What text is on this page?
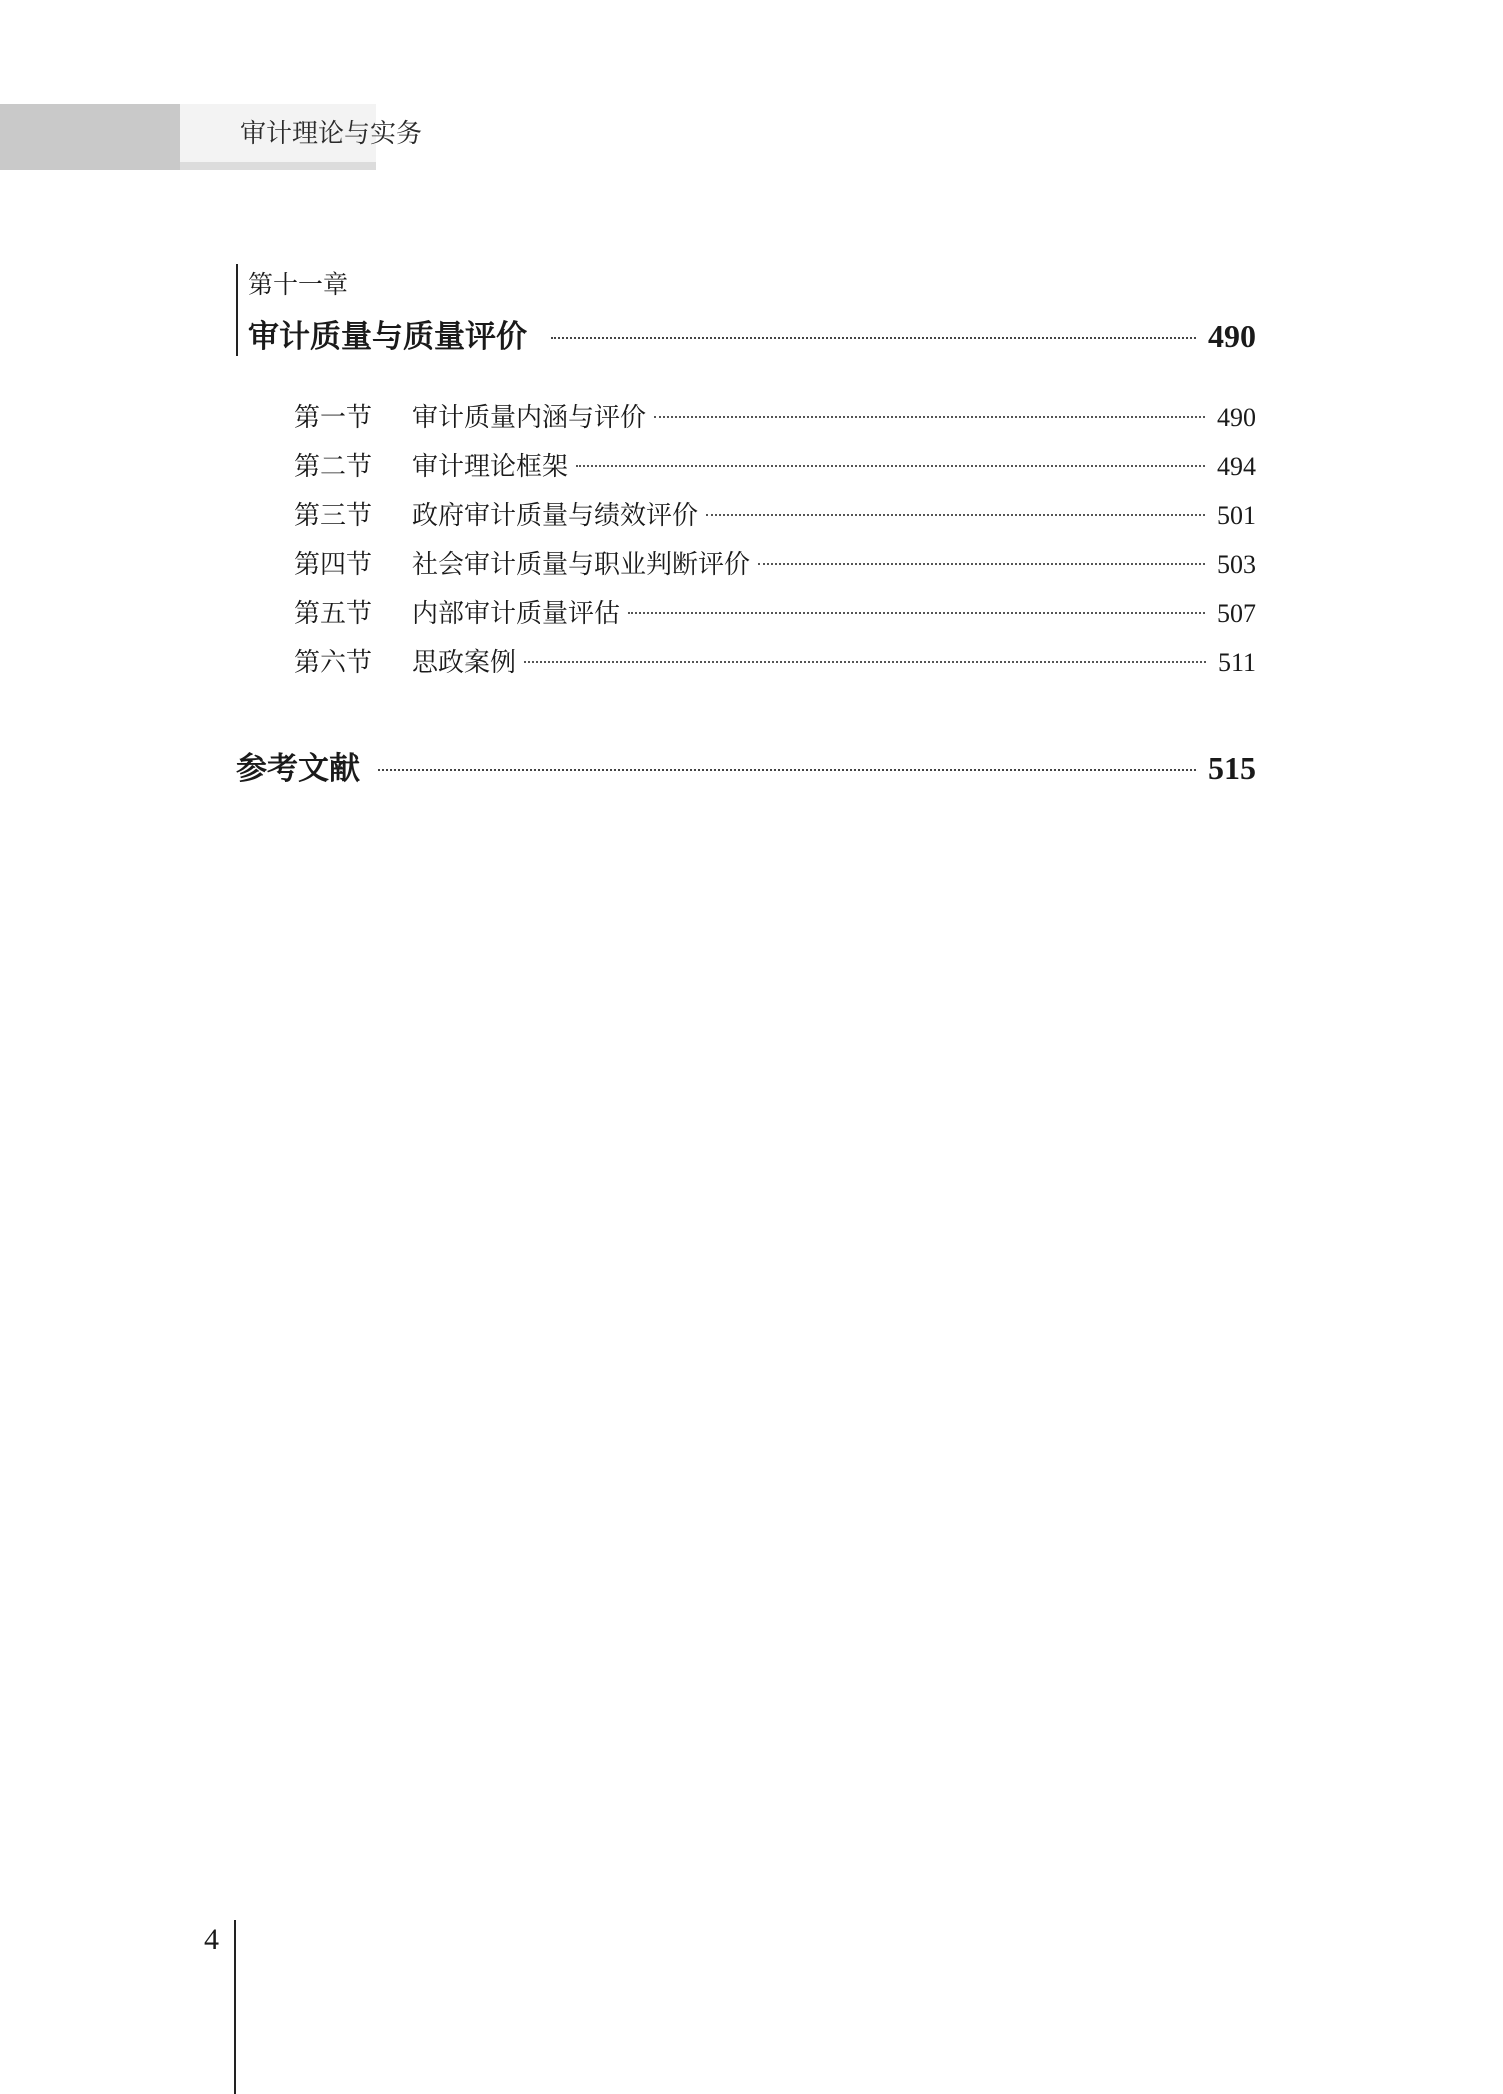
审计理论与实务
第十一章
审计质量与质量评价	490
第一节	审计质量内涵与评价	490
第二节	审计理论框架	494
第三节	政府审计质量与绩效评价	501
第四节	社会审计质量与职业判断评价	503
第五节	内部审计质量评估	507
第六节	思政案例	511
参考文献	515
4
